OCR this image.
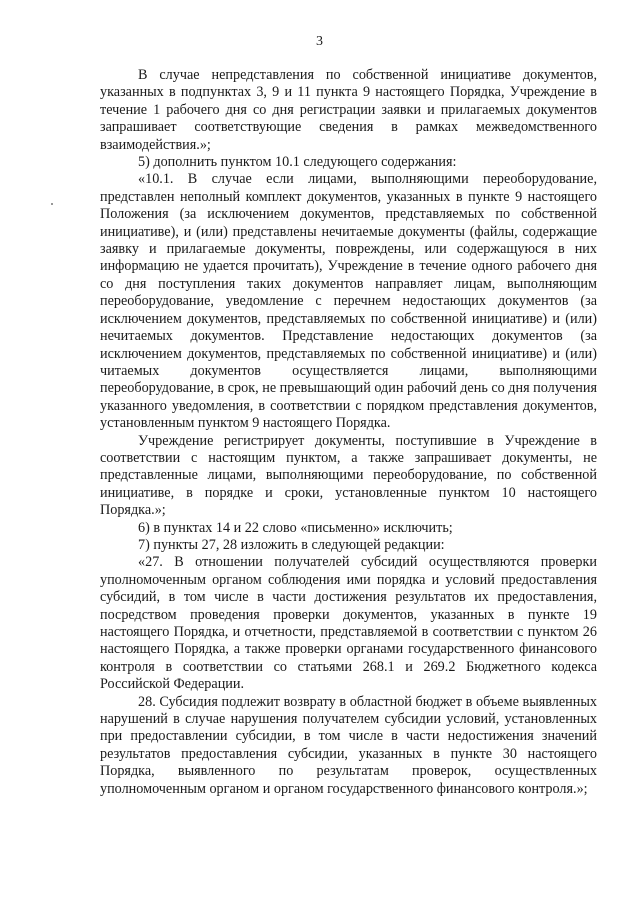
3

В случае непредставления по собственной инициативе документов, указанных в подпунктах 3, 9 и 11 пункта 9 настоящего Порядка, Учреждение в течение 1 рабочего дня со дня регистрации заявки и прилагаемых документов запрашивает соответствующие сведения в рамках межведомственного взаимодействия.»;

5) дополнить пунктом 10.1 следующего содержания:

«10.1. В случае если лицами, выполняющими переоборудование, представлен неполный комплект документов, указанных в пункте 9 настоящего Положения (за исключением документов, представляемых по собственной инициативе), и (или) представлены нечитаемые документы (файлы, содержащие заявку и прилагаемые документы, повреждены, или содержащуюся в них информацию не удается прочитать), Учреждение в течение одного рабочего дня со дня поступления таких документов направляет лицам, выполняющим переоборудование, уведомление с перечнем недостающих документов (за исключением документов, представляемых по собственной инициативе) и (или) нечитаемых документов. Представление недостающих документов (за исключением документов, представляемых по собственной инициативе) и (или) читаемых документов осуществляется лицами, выполняющими переоборудование, в срок, не превышающий один рабочий день со дня получения указанного уведомления, в соответствии с порядком представления документов, установленным пунктом 9 настоящего Порядка.

Учреждение регистрирует документы, поступившие в Учреждение в соответствии с настоящим пунктом, а также запрашивает документы, не представленные лицами, выполняющими переоборудование, по собственной инициативе, в порядке и сроки, установленные пунктом 10 настоящего Порядка.»;

6) в пунктах 14 и 22 слово «письменно» исключить;

7) пункты 27, 28 изложить в следующей редакции:

«27. В отношении получателей субсидий осуществляются проверки уполномоченным органом соблюдения ими порядка и условий предоставления субсидий, в том числе в части достижения результатов их предоставления, посредством проведения проверки документов, указанных в пункте 19 настоящего Порядка, и отчетности, представляемой в соответствии с пунктом 26 настоящего Порядка, а также проверки органами государственного финансового контроля в соответствии со статьями 268.1 и 269.2 Бюджетного кодекса Российской Федерации.

28. Субсидия подлежит возврату в областной бюджет в объеме выявленных нарушений в случае нарушения получателем субсидии условий, установленных при предоставлении субсидии, в том числе в части недостижения значений результатов предоставления субсидии, указанных в пункте 30 настоящего Порядка, выявленного по результатам проверок, осуществленных уполномоченным органом и органом государственного финансового контроля.»;
